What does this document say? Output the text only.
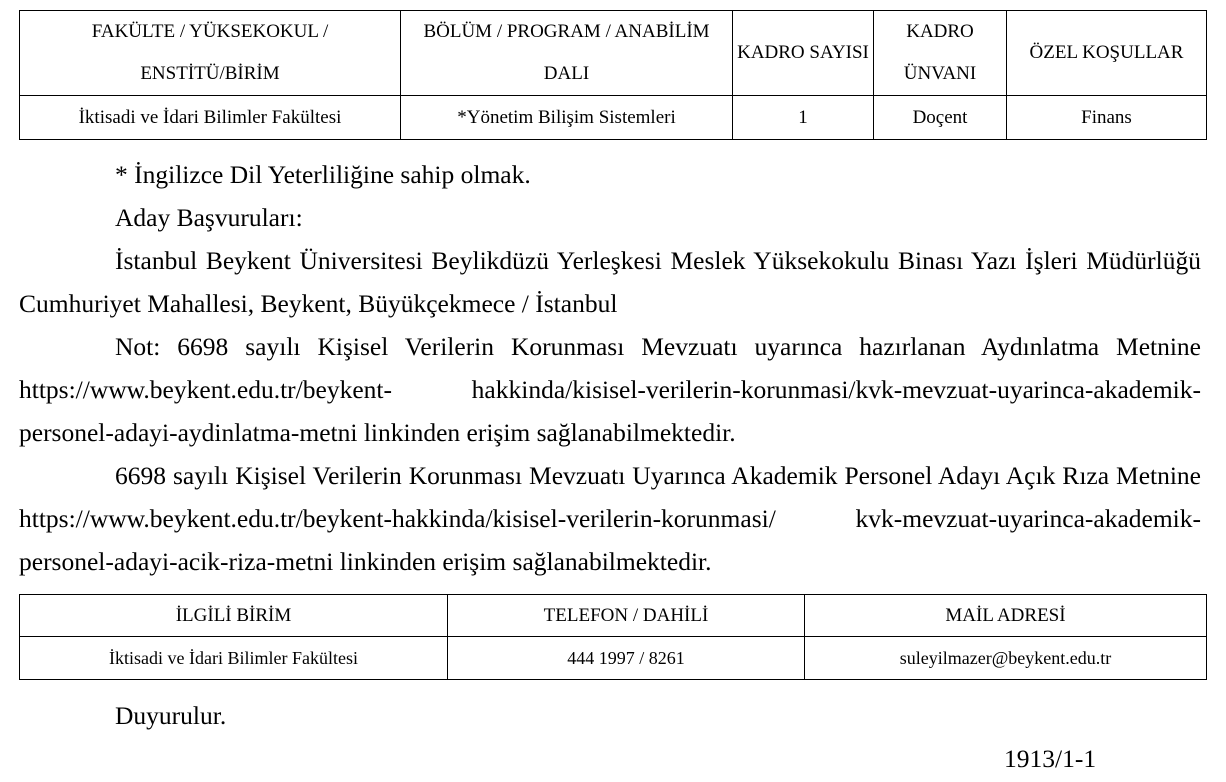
FAKÜLTE / YÜKSEKOKUL / ENSTİTÜ/BİRİM	BÖLÜM / PROGRAM / ANABİLİM DALI	KADRO SAYISI	KADRO ÜNVANI	ÖZEL KOŞULLAR
İktisadi ve İdari Bilimler Fakültesi	*Yönetim Bilişim Sistemleri	1	Doçent	Finans

* İngilizce Dil Yeterliliğine sahip olmak.

Aday Başvuruları:

İstanbul Beykent Üniversitesi Beylikdüzü Yerleşkesi Meslek Yüksekokulu Binası Yazı İşleri Müdürlüğü Cumhuriyet Mahallesi, Beykent, Büyükçekmece / İstanbul

Not: 6698 sayılı Kişisel Verilerin Korunması Mevzuatı uyarınca hazırlanan Aydınlatma Metnine https://www.beykent.edu.tr/beykent- hakkinda/kisisel-verilerin-korunmasi/kvk-mevzuat-uyarinca-akademik-personel-adayi-aydinlatma-metni linkinden erişim sağlanabilmektedir.

6698 sayılı Kişisel Verilerin Korunması Mevzuatı Uyarınca Akademik Personel Adayı Açık Rıza Metnine https://www.beykent.edu.tr/beykent-hakkinda/kisisel-verilerin-korunmasi/ kvk-mevzuat-uyarinca-akademik-personel-adayi-acik-riza-metni linkinden erişim sağlanabilmektedir.

İLGİLİ BİRİM	TELEFON / DAHİLİ	MAİL ADRESİ
İktisadi ve İdari Bilimler Fakültesi	444 1997 / 8261	suleyilmazer@beykent.edu.tr

Duyurulur.

1913/1-1
